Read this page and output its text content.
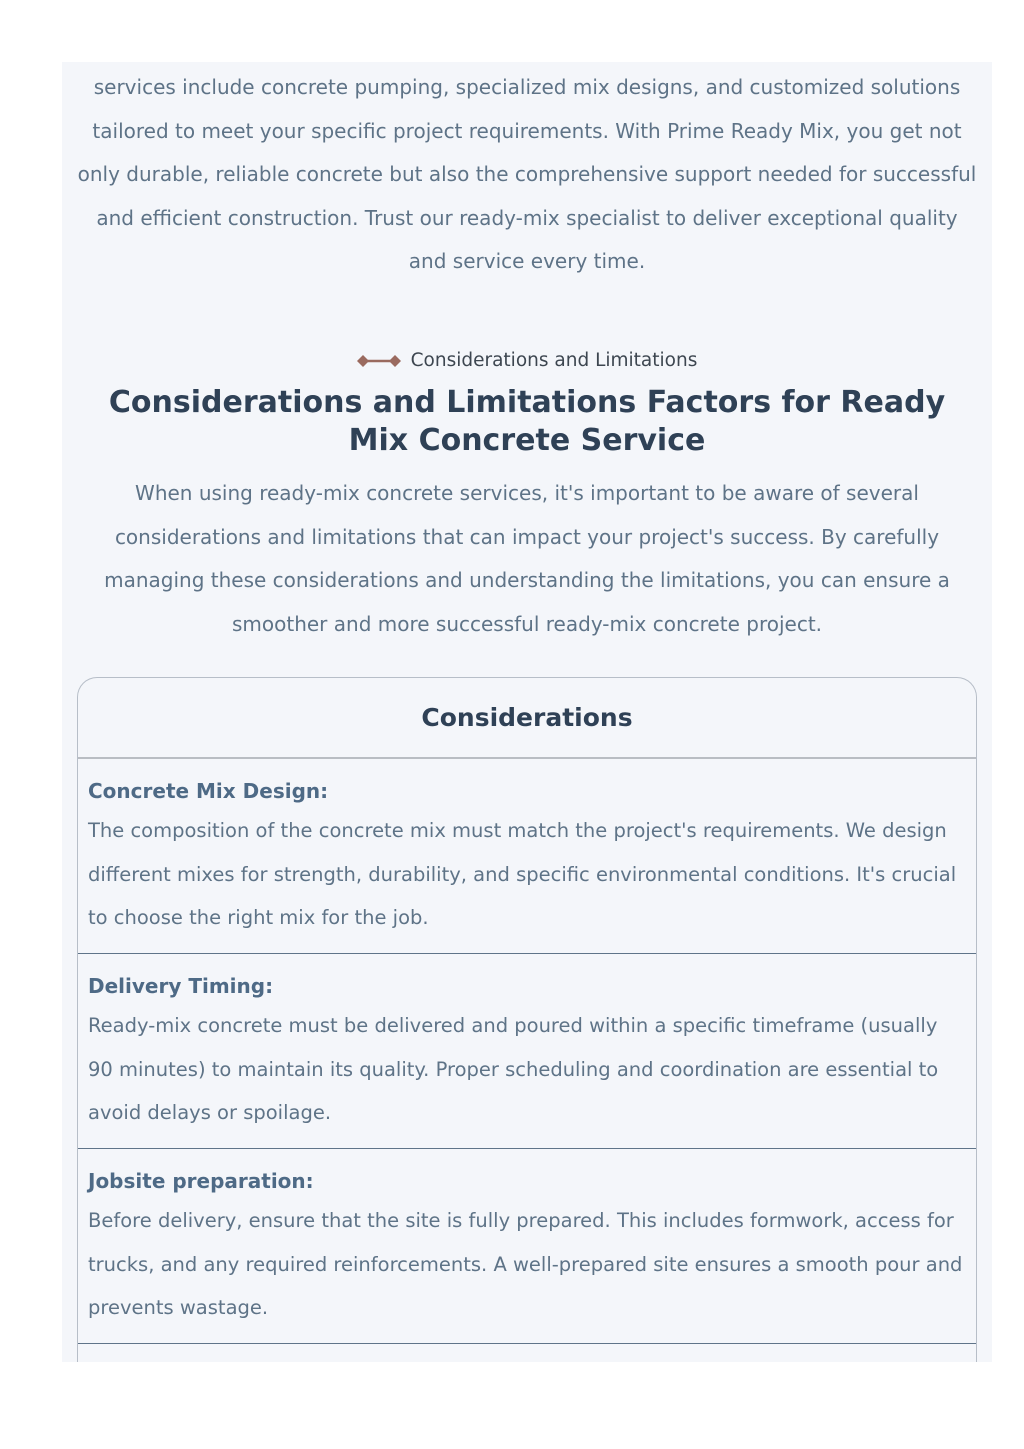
services include concrete pumping, specialized mix designs, and customized solutions tailored to meet your specific project requirements. With Prime Ready Mix, you get not only durable, reliable concrete but also the comprehensive support needed for successful and efficient construction. Trust our ready-mix specialist to deliver exceptional quality and service every time.

Considerations and Limitations
Considerations and Limitations Factors for Ready Mix Concrete Service

When using ready-mix concrete services, it's important to be aware of several considerations and limitations that can impact your project's success. By carefully managing these considerations and understanding the limitations, you can ensure a smoother and more successful ready-mix concrete project.

Considerations
Concrete Mix Design:
The composition of the concrete mix must match the project's requirements. We design different mixes for strength, durability, and specific environmental conditions. It's crucial to choose the right mix for the job.
Delivery Timing:
Ready-mix concrete must be delivered and poured within a specific timeframe (usually 90 minutes) to maintain its quality. Proper scheduling and coordination are essential to avoid delays or spoilage.
Jobsite preparation:
Before delivery, ensure that the site is fully prepared. This includes formwork, access for trucks, and any required reinforcements. A well-prepared site ensures a smooth pour and prevents wastage.
